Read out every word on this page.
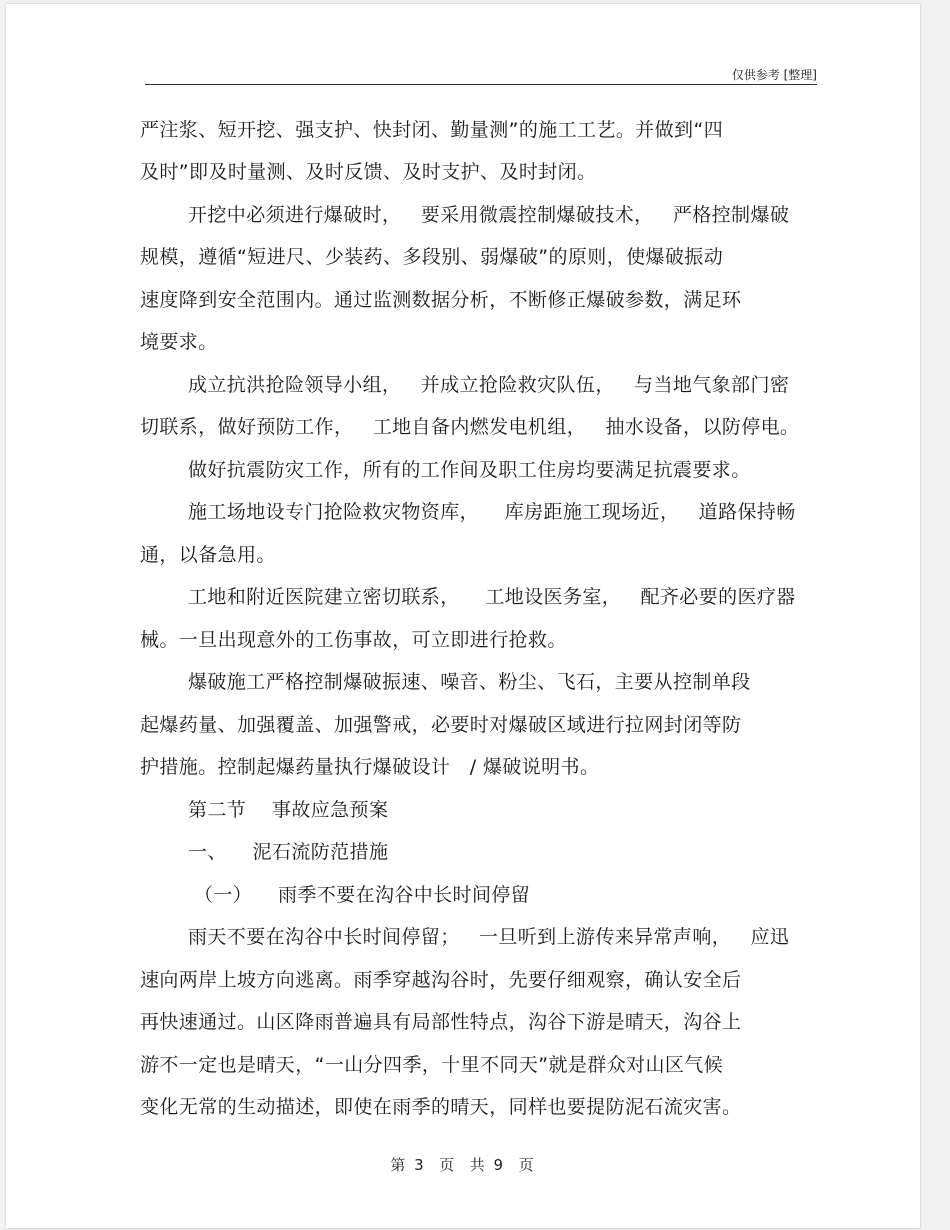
仅供参考 [整理]
严注浆、短开挖、强支护、快封闭、勤量测”的施工工艺。并做到“四
及时”即及时量测、及时反馈、及时支护、及时封闭。
开挖中必须进行爆破时，   要采用微震控制爆破技术，   严格控制爆破
规模，遵循“短进尺、少装药、多段别、弱爆破”的原则，使爆破振动
速度降到安全范围内。通过监测数据分析，不断修正爆破参数，满足环
境要求。
成立抗洪抢险领导小组，   并成立抢险救灾队伍，   与当地气象部门密
切联系，做好预防工作，   工地自备内燃发电机组，   抽水设备，以防停电。
做好抗震防灾工作，所有的工作间及职工住房均要满足抗震要求。
施工场地设专门抢险救灾物资库，    库房距施工现场近，   道路保持畅
通，以备急用。
工地和附近医院建立密切联系，    工地设医务室，   配齐必要的医疗器
械。一旦出现意外的工伤事故，可立即进行抢救。
爆破施工严格控制爆破振速、噪音、粉尘、飞石，主要从控制单段
起爆药量、加强覆盖、加强警戒，必要时对爆破区域进行拉网封闭等防
护措施。控制起爆药量执行爆破设计   / 爆破说明书。
第二节    事故应急预案
一、    泥石流防范措施
（一）    雨季不要在沟谷中长时间停留
雨天不要在沟谷中长时间停留；   一旦听到上游传来异常声响，   应迅
速向两岸上坡方向逃离。雨季穿越沟谷时，先要仔细观察，确认安全后
再快速通过。山区降雨普遍具有局部性特点，沟谷下游是晴天，沟谷上
游不一定也是晴天，“一山分四季，十里不同天”就是群众对山区气候
变化无常的生动描述，即使在雨季的晴天，同样也要提防泥石流灾害。
第 3  页  共 9  页
